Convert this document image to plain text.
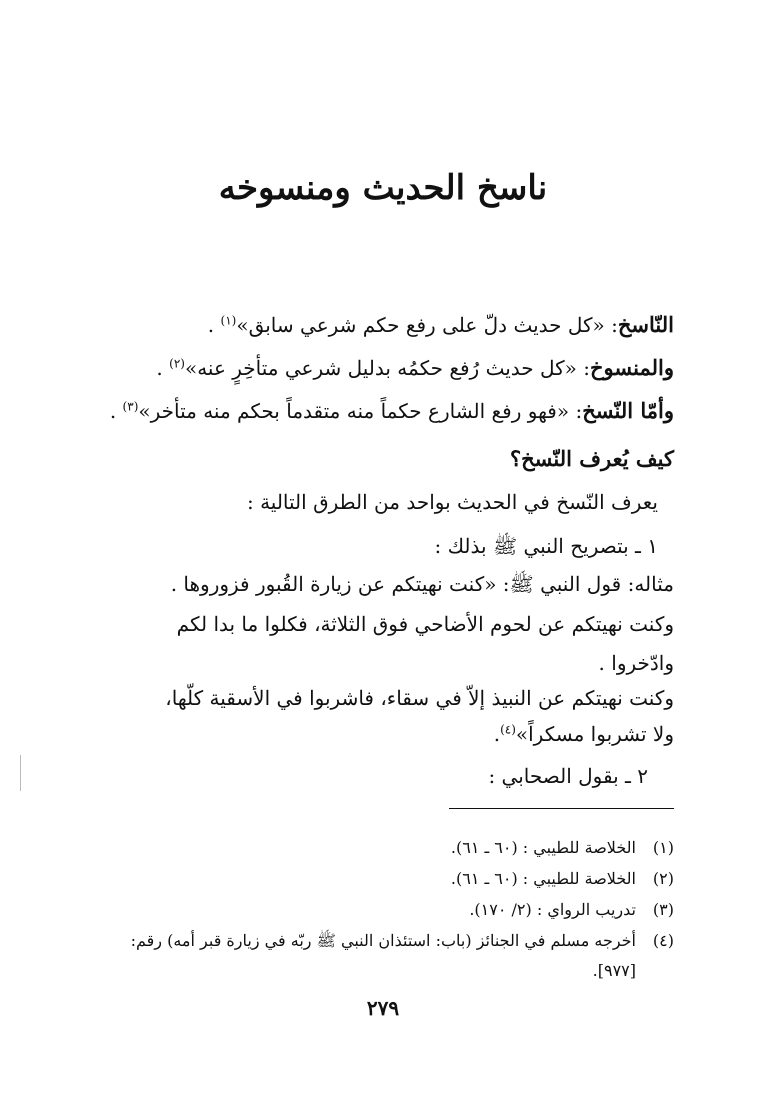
ناسخ الحديث ومنسوخه
النّاسخ: «كل حديث دلّ على رفع حكم شرعي سابق»$^{(١)}$ .
والمنسوخ: «كل حديث رُفع حكمُه بدليل شرعي متأخِرٍ عنه»$^{(٢)}$ .
وأمّا النّسخ: «فهو رفع الشارع حكماً منه متقدماً بحكم منه متأخر»$^{(٣)}$ .
كيف يُعرف النّسخ؟
يعرف النّسخ في الحديث بواحد من الطرق التالية :
١ ـ بتصريح النبي ﷺ بذلك :
مثاله: قول النبي ﷺ: «كنت نهيتكم عن زيارة القُبور فزوروها .
وكنت نهيتكم عن لحوم الأضاحي فوق الثلاثة، فكلوا ما بدا لكم
وادّخروا .
وكنت نهيتكم عن النبيذ إلاّ في سقاء، فاشربوا في الأسقية كلّها،
ولا تشربوا مسكراً»$^{(٤)}$.
٢ ـ بقول الصحابي :
(١)الخلاصة للطيبي : (٦٠ ـ ٦١).
(٢)الخلاصة للطيبي : (٦٠ ـ ٦١).
(٣)تدريب الرواي : (٢/ ١٧٠).
(٤)أخرجه مسلم في الجنائز (باب: استئذان النبي ﷺ ربّه في زيارة قبر أمه) رقم:
[٩٧٧].
٢٧٩
